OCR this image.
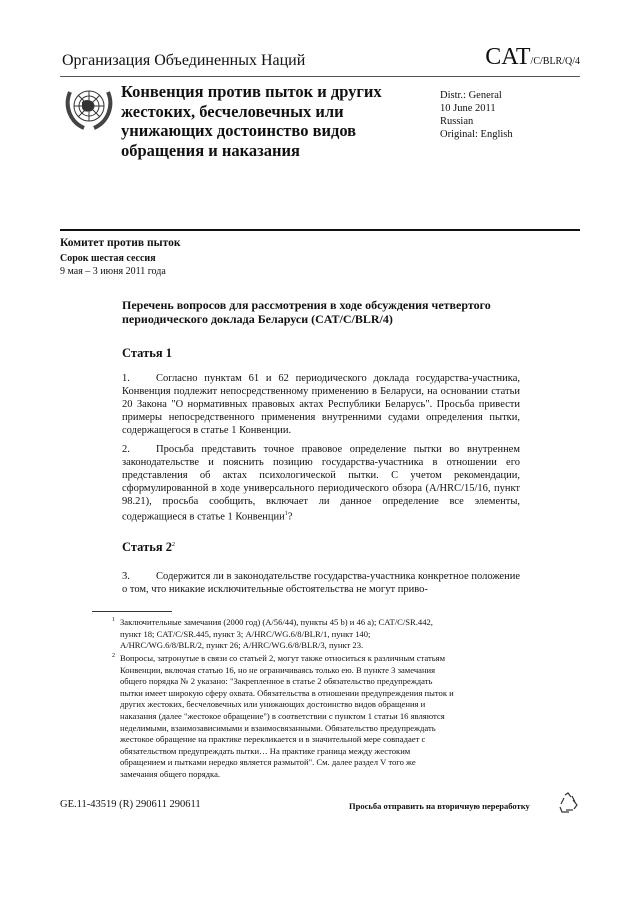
Организация Объединенных Наций	CAT/C/BLR/Q/4
Конвенция против пыток и других жестоких, бесчеловечных или унижающих достоинство видов обращения и наказания
Distr.: General
10 June 2011
Russian
Original: English
Комитет против пыток
Сорок шестая сессия
9 мая – 3 июня 2011 года
Перечень вопросов для рассмотрения в ходе обсуждения четвертого периодического доклада Беларуси (CAT/C/BLR/4)
Статья 1
1. Согласно пунктам 61 и 62 периодического доклада государства-участника, Конвенция подлежит непосредственному применению в Беларуси, на основании статьи 20 Закона "О нормативных правовых актах Республики Беларусь". Просьба привести примеры непосредственного применения внутренними судами определения пытки, содержащегося в статье 1 Конвенции.
2. Просьба представить точное правовое определение пытки во внутреннем законодательстве и пояснить позицию государства-участника в отношении его представления об актах психологической пытки. С учетом рекомендации, сформулированной в ходе универсального периодического обзора (A/HRC/15/16, пункт 98.21), просьба сообщить, включает ли данное определение все элементы, содержащиеся в статье 1 Конвенции$^1$?
Статья $2^2$
3. Содержится ли в законодательстве государства-участника конкретное положение о том, что никакие исключительные обстоятельства не могут приво-
1 Заключительные замечания (2000 год) (A/56/44), пункты 45 b) и 46 a); CAT/C/SR.442, пункт 18; CAT/C/SR.445, пункт 3; A/HRC/WG.6/8/BLR/1, пункт 140; A/HRC/WG.6/8/BLR/2, пункт 26; A/HRC/WG.6/8/BLR/3, пункт 23.
2 Вопросы, затронутые в связи со статьей 2, могут также относиться к различным статьям Конвенции, включая статью 16, но не ограничиваясь только ею. В пункте 3 замечания общего порядка № 2 указано: "Закрепленное в статье 2 обязательство предупреждать пытки имеет широкую сферу охвата. Обязательства в отношении предупреждения пыток и других жестоких, бесчеловечных или унижающих достоинство видов обращения и наказания (далее "жестокое обращение") в соответствии с пунктом 1 статьи 16 являются неделимыми, взаимозависимыми и взаимосвязанными. Обязательство предупреждать жестокое обращение на практике перекликается и в значительной мере совпадает с обязательством предупреждать пытки… На практике граница между жестоким обращением и пытками нередко является размытой". См. далее раздел V того же замечания общего порядка.
GE.11-43519 (R) 290611 290611	Просьба отправить на вторичную переработку
